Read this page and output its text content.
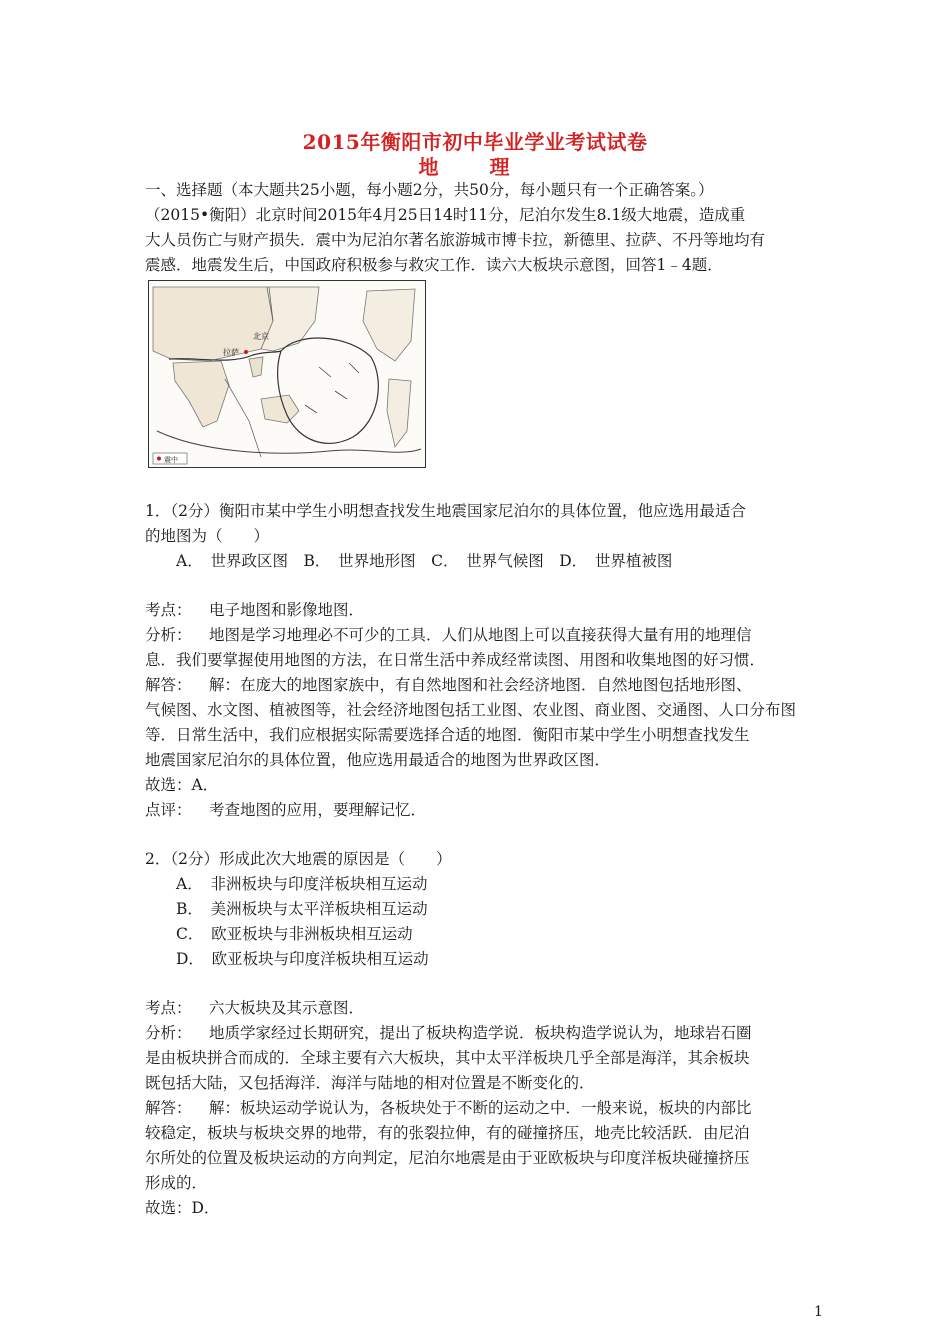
2015年衡阳市初中毕业学业考试试卷
地 理
一、选择题（本大题共25小题，每小题2分，共50分，每小题只有一个正确答案。）
（2015•衡阳）北京时间2015年4月25日14时11分，尼泊尔发生8.1级大地震，造成重
大人员伤亡与财产损失．震中为尼泊尔著名旅游城市博卡拉，新德里、拉萨、不丹等地均有
震感．地震发生后，中国政府积极参与救灾工作．读六大板块示意图，回答1﹣4题．
北京
拉萨
震中
1．（2分）衡阳市某中学生小明想查找发生地震国家尼泊尔的具体位置，他应选用最适合
的地图为（　　）
A．　世界政区图　B．　世界地形图　C．　世界气候图　D．　世界植被图
考点： 电子地图和影像地图．
分析： 地图是学习地理必不可少的工具．人们从地图上可以直接获得大量有用的地理信
息．我们要掌握使用地图的方法，在日常生活中养成经常读图、用图和收集地图的好习惯．
解答： 解：在庞大的地图家族中，有自然地图和社会经济地图．自然地图包括地形图、
气候图、水文图、植被图等，社会经济地图包括工业图、农业图、商业图、交通图、人口分布图
等．日常生活中，我们应根据实际需要选择合适的地图．衡阳市某中学生小明想查找发生
地震国家尼泊尔的具体位置，他应选用最适合的地图为世界政区图．
故选：A．
点评： 考查地图的应用，要理解记忆．
2．（2分）形成此次大地震的原因是（　　）
A．　非洲板块与印度洋板块相互运动
B．　美洲板块与太平洋板块相互运动
C．　欧亚板块与非洲板块相互运动
D．　欧亚板块与印度洋板块相互运动
考点： 六大板块及其示意图．
分析： 地质学家经过长期研究，提出了板块构造学说．板块构造学说认为，地球岩石圈
是由板块拼合而成的．全球主要有六大板块，其中太平洋板块几乎全部是海洋，其余板块
既包括大陆，又包括海洋．海洋与陆地的相对位置是不断变化的．
解答： 解：板块运动学说认为，各板块处于不断的运动之中．一般来说，板块的内部比
较稳定，板块与板块交界的地带，有的张裂拉伸，有的碰撞挤压，地壳比较活跃．由尼泊
尔所处的位置及板块运动的方向判定，尼泊尔地震是由于亚欧板块与印度洋板块碰撞挤压
形成的．
故选：D．
1
